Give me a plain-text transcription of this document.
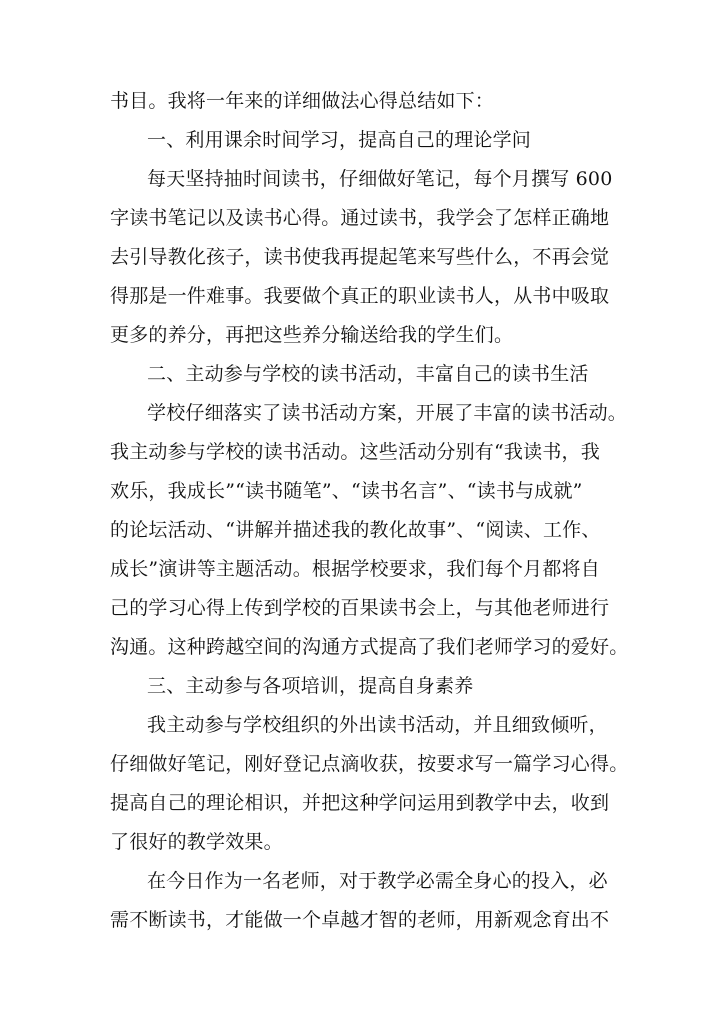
书目。我将一年来的详细做法心得总结如下：
一、利用课余时间学习，提高自己的理论学问
每天坚持抽时间读书，仔细做好笔记，每个月撰写 600
字读书笔记以及读书心得。通过读书，我学会了怎样正确地
去引导教化孩子，读书使我再提起笔来写些什么，不再会觉
得那是一件难事。我要做个真正的职业读书人，从书中吸取
更多的养分，再把这些养分输送给我的学生们。
二、主动参与学校的读书活动，丰富自己的读书生活
学校仔细落实了读书活动方案，开展了丰富的读书活动。
我主动参与学校的读书活动。这些活动分别有“我读书，我
欢乐，我成长”“读书随笔”、“读书名言”、“读书与成就”
的论坛活动、“讲解并描述我的教化故事”、“阅读、工作、
成长”演讲等主题活动。根据学校要求，我们每个月都将自
己的学习心得上传到学校的百果读书会上，与其他老师进行
沟通。这种跨越空间的沟通方式提高了我们老师学习的爱好。
三、主动参与各项培训，提高自身素养
我主动参与学校组织的外出读书活动，并且细致倾听，
仔细做好笔记，刚好登记点滴收获，按要求写一篇学习心得。
提高自己的理论相识，并把这种学问运用到教学中去，收到
了很好的教学效果。
在今日作为一名老师，对于教学必需全身心的投入，必
需不断读书，才能做一个卓越才智的老师，用新观念育出不
